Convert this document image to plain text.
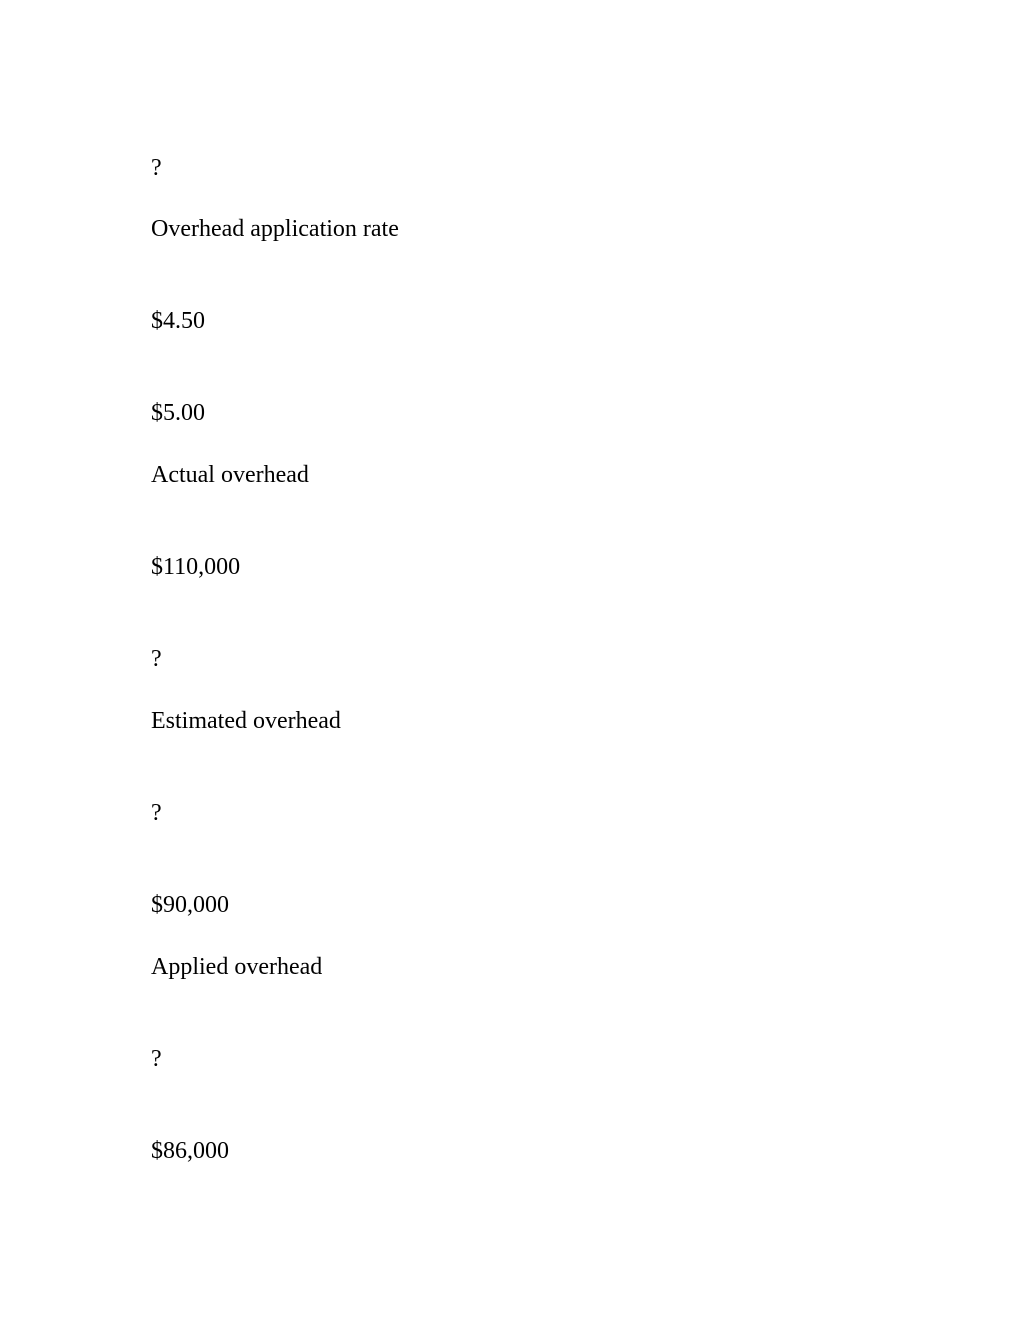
?
Overhead application rate
$4.50
$5.00
Actual overhead
$110,000
?
Estimated overhead
?
$90,000
Applied overhead
?
$86,000
